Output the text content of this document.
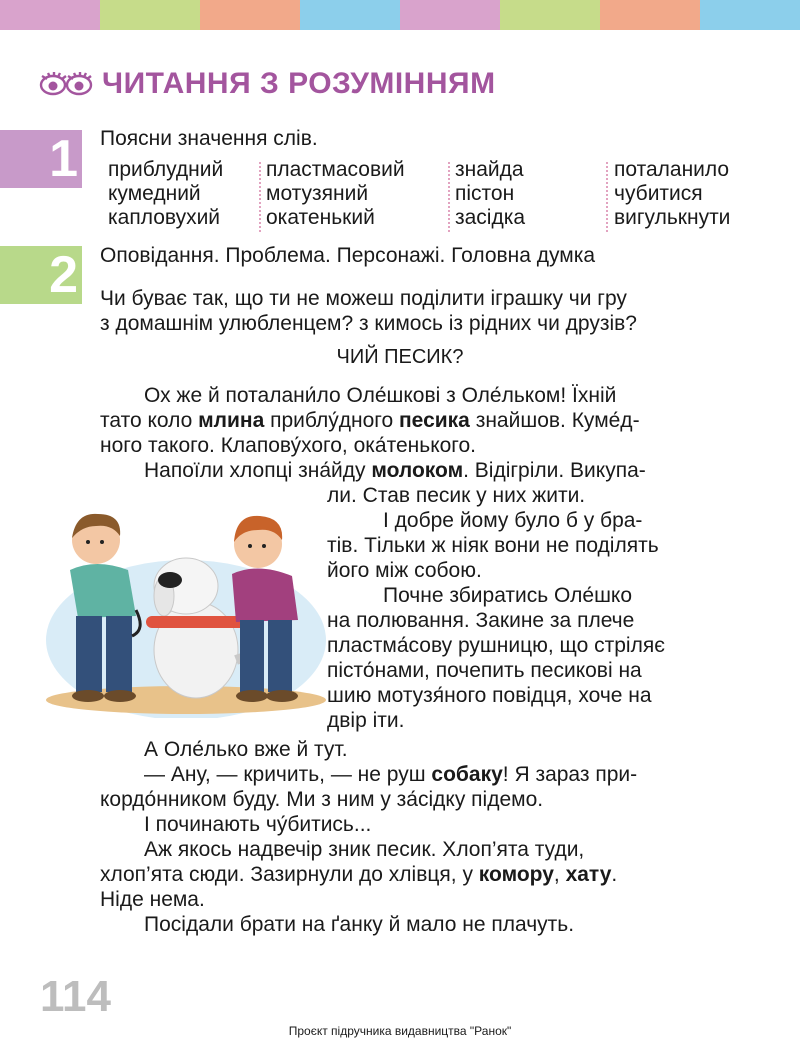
ЧИТАННЯ З РОЗУМІННЯМ
1 Поясни значення слів.
приблудний
кумедний
капловухий
пластмасовий
мотузяний
окатенький
знайда
пістон
засідка
поталанило
чубитися
вигулькнути
2 Оповідання. Проблема. Персонажі. Головна думка
Чи буває так, що ти не можеш поділити іграшку чи гру
з домашнім улюбленцем? з кимось із рідних чи друзів?
ЧИЙ ПЕСИК?

Ох же й поталани́ло Оле́шкові з Оле́льком! Їхній

тато коло млина приблу́дного песика знайшов. Куме́д-

ного такого. Клапову́хого, ока́тенького.

Напоїли хлопці зна́йду молоком. Відігріли. Викупа-

ли. Став песик у них жити.

І добре йому було б у бра-

тів. Тільки ж ніяк вони не поділять

його між собою.

Почне збиратись Оле́шко

на полювання. Закине за плече

пластма́сову рушницю, що стріляє

пісто́нами, почепить песикові на

шию мотузя́ного повідця, хоче на

двір іти.

А Оле́лько вже й тут.

— Ану, — кричить, — не руш собаку! Я зараз при-

кордо́нником буду. Ми з ним у за́сідку підемо.

І починають чу́битись...

Аж якось надвечір зник песик. Хлоп’ята туди,

хлоп’ята сюди. Зазирнули до хлівця, у комору, хату.

Ніде нема.

Посідали брати на ґанку й мало не плачуть.

114
Проєкт підручника видавництва "Ранок"
